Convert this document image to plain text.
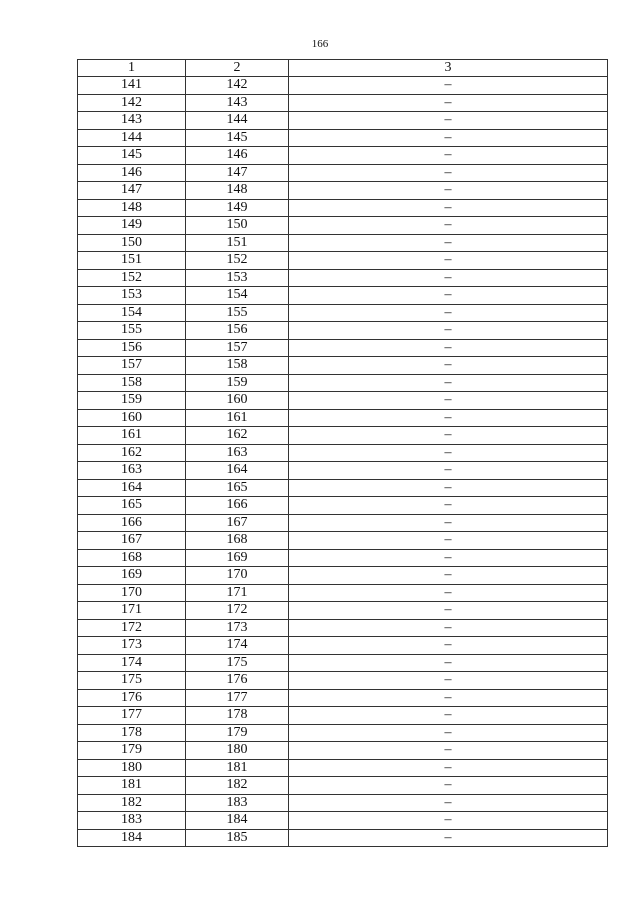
166
1	2	3
141	142	–
142	143	–
143	144	–
144	145	–
145	146	–
146	147	–
147	148	–
148	149	–
149	150	–
150	151	–
151	152	–
152	153	–
153	154	–
154	155	–
155	156	–
156	157	–
157	158	–
158	159	–
159	160	–
160	161	–
161	162	–
162	163	–
163	164	–
164	165	–
165	166	–
166	167	–
167	168	–
168	169	–
169	170	–
170	171	–
171	172	–
172	173	–
173	174	–
174	175	–
175	176	–
176	177	–
177	178	–
178	179	–
179	180	–
180	181	–
181	182	–
182	183	–
183	184	–
184	185	–
